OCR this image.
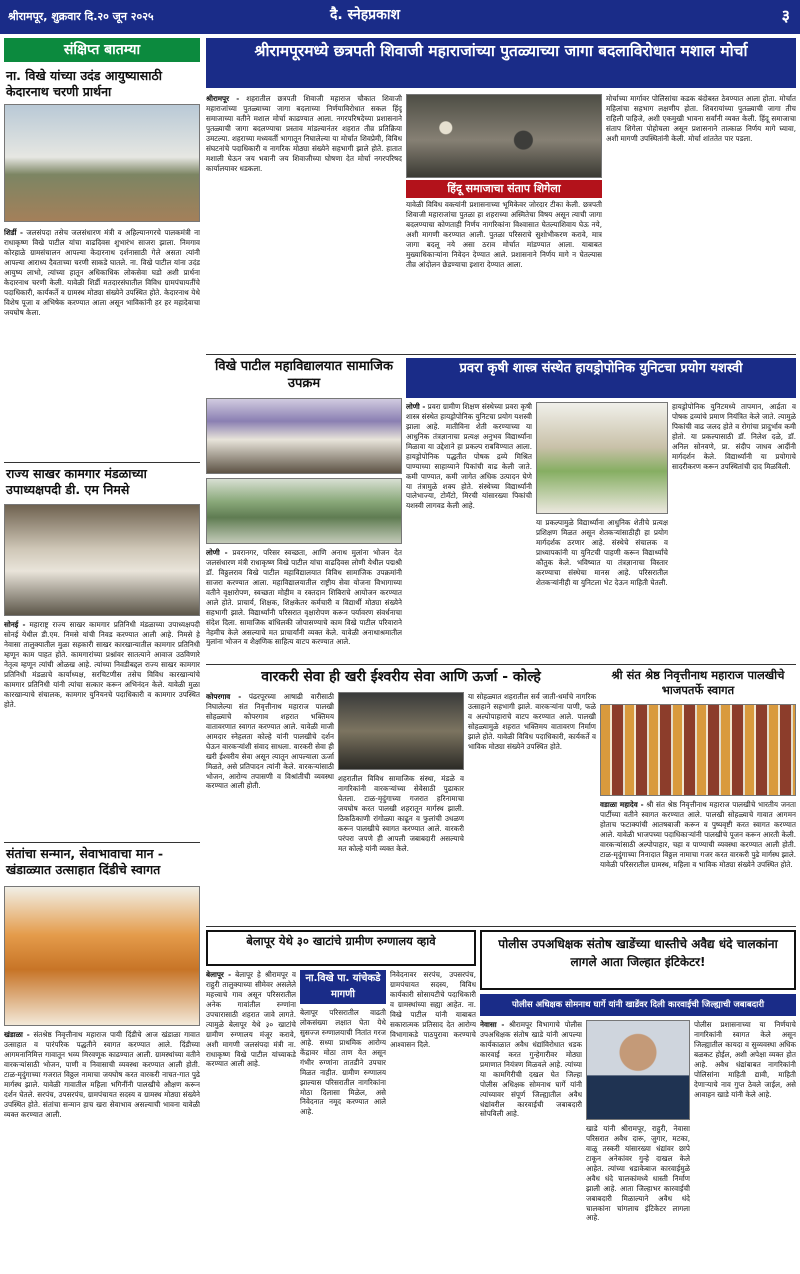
श्रीरामपूर, शुक्रवार दि.२० जून २०२५	दै. स्नेहप्रकाश	३
संक्षिप्त बातम्या
ना. विखे यांच्या उदंड आयुष्यासाठी केदारनाथ चरणी प्रार्थना

शिर्डी - जलसंपदा तसेच जलसंधारण मंत्री व अहिल्यानगरचे पालकमंत्री ना राधाकृष्ण विखे पाटील यांचा वाढदिवस शुभारंभ साजरा झाला. निमगाव कोरहाळे ग्रामसंचालन आपल्या केदारनाथ दर्शनासाठी गेले असता त्यांनी आपल्या आराध्य दैवताच्या चरणी साकडे घातले. ना. विखे पाटील यांना उदंड आयुष्य लाभो, त्यांच्या हातून अधिकाधिक लोकसेवा घडो अशी प्रार्थना केदारनाथ चरणी केली. यावेळी शिर्डी मतदारसंघातील विविध ग्रामपंचायतींचे पदाधिकारी, कार्यकर्ते व ग्रामस्थ मोठ्या संख्येने उपस्थित होते. केदारनाथ येथे विशेष पूजा व अभिषेक करण्यात आला असून भाविकांनी हर हर महादेवाचा जयघोष केला.

राज्य साखर कामगार मंडळाच्या उपाध्यक्षपदी डी. एम निमसे

सोनई - महाराष्ट्र राज्य साखर कामगार प्रतिनिधी मंडळाच्या उपाध्यक्षपदी सोनई येथील डी.एम. निमसे यांची निवड करण्यात आली आहे. निमसे हे नेवासा तालुक्यातील मुळा सहकारी साखर कारखान्यातील कामगार प्रतिनिधी म्हणून काम पाहत होते. कामगारांच्या प्रश्नांवर सातत्याने आवाज उठविणारे नेतृत्व म्हणून त्यांची ओळख आहे. त्यांच्या निवडीबद्दल राज्य साखर कामगार प्रतिनिधी मंडळाचे कार्याध्यक्ष, सरचिटणीस तसेच विविध कारखान्यांचे कामगार प्रतिनिधी यांनी त्यांचा सत्कार करून अभिनंदन केले. यावेळी मुळा कारखान्याचे संचालक, कामगार युनियनचे पदाधिकारी व कामगार उपस्थित होते.

संतांचा सन्मान, सेवाभावाचा मान - खंडाळ्यात उत्साहात दिंडीचे स्वागत

खंडाळा - संतश्रेष्ठ निवृत्तीनाथ महाराज पायी दिंडीचे आज खंडाळा गावात उत्साहात व पारंपरिक पद्धतीने स्वागत करण्यात आले. दिंडीच्या आगमनानिमित्त गावातून भव्य मिरवणूक काढण्यात आली. ग्रामस्थांच्या वतीने वारकऱ्यांसाठी भोजन, पाणी व निवासाची व्यवस्था करण्यात आली होती. टाळ-मृदुंगाच्या गजरात विठ्ठल नामाचा जयघोष करत वारकरी नाचत-गात पुढे मार्गस्थ झाले. यावेळी गावातील महिला भगिनींनी पालखीचे औक्षण करून दर्शन घेतले. सरपंच, उपसरपंच, ग्रामपंचायत सदस्य व ग्रामस्थ मोठ्या संख्येने उपस्थित होते. संतांचा सन्मान हाच खरा सेवाभाव असल्याची भावना यावेळी व्यक्त करण्यात आली.

श्रीरामपूरमध्ये छत्रपती शिवाजी महाराजांच्या पुतळ्याच्या जागा बदलाविरोधात मशाल मोर्चा

श्रीरामपूर - शहरातील छत्रपती शिवाजी महाराज चौकात शिवाजी महाराजांच्या पुतळ्याच्या जागा बदलाच्या निर्णयाविरोधात सकल हिंदू समाजाच्या वतीने मशाल मोर्चा काढण्यात आला. नगरपरिषदेच्या प्रशासनाने पुतळ्याची जागा बदलण्याचा प्रस्ताव मांडल्यानंतर शहरात तीव्र प्रतिक्रिया उमटल्या. शहराच्या मध्यवर्ती भागातून निघालेल्या या मोर्चात शिवप्रेमी, विविध संघटनांचे पदाधिकारी व नागरिक मोठ्या संख्येने सहभागी झाले होते. हातात मशाली घेऊन जय भवानी जय शिवाजीच्या घोषणा देत मोर्चा नगरपरिषद कार्यालयावर धडकला.

यावेळी विविध वक्त्यांनी प्रशासनाच्या भूमिकेवर जोरदार टीका केली. छत्रपती शिवाजी महाराजांचा पुतळा हा शहराच्या अस्मितेचा विषय असून त्याची जागा बदलण्याचा कोणताही निर्णय नागरिकांना विश्वासात घेतल्याशिवाय घेऊ नये, अशी मागणी करण्यात आली. पुतळा परिसराचे सुशोभीकरण करावे, मात्र जागा बदलू नये असा ठराव मोर्चात मांडण्यात आला. याबाबत मुख्याधिकाऱ्यांना निवेदन देण्यात आले. प्रशासनाने निर्णय मागे न घेतल्यास तीव्र आंदोलन छेडण्याचा इशारा देण्यात आला.

मोर्चाच्या मार्गावर पोलिसांचा कडक बंदोबस्त ठेवण्यात आला होता. मोर्चात महिलांचा सहभाग लक्षणीय होता. शिवरायांच्या पुतळ्याची जागा तीच राहिली पाहिजे, अशी एकमुखी भावना सर्वांनी व्यक्त केली. हिंदू समाजाचा संताप शिगेला पोहोचला असून प्रशासनाने तात्काळ निर्णय मागे घ्यावा, अशी मागणी उपस्थितांनी केली. मोर्चा शांततेत पार पडला.

हिंदू समाजाचा संताप शिगेला
विखे पाटील महाविद्यालयात सामाजिक उपक्रम

लोणी - प्रवरानगर, परिसर स्वच्छता, आणि अनाथ मुलांना भोजन देत जलसंधारण मंत्री राधाकृष्ण विखे पाटील यांचा वाढदिवस लोणी येथील पद्मश्री डॉ. विठ्ठलराव विखे पाटील महाविद्यालयात विविध सामाजिक उपक्रमांनी साजरा करण्यात आला. महाविद्यालयातील राष्ट्रीय सेवा योजना विभागाच्या वतीने वृक्षारोपण, स्वच्छता मोहीम व रक्तदान शिबिराचे आयोजन करण्यात आले होते. प्राचार्य, शिक्षक, शिक्षकेतर कर्मचारी व विद्यार्थी मोठ्या संख्येने सहभागी झाले. विद्यार्थ्यांनी परिसरात वृक्षारोपण करून पर्यावरण संवर्धनाचा संदेश दिला. सामाजिक बांधिलकी जोपासण्याचे काम विखे पाटील परिवाराने नेहमीच केले असल्याचे मत प्राचार्यांनी व्यक्त केले. यावेळी अनाथाश्रमातील मुलांना भोजन व शैक्षणिक साहित्य वाटप करण्यात आले.

प्रवरा कृषी शास्त्र संस्थेत हायड्रोपोनिक युनिटचा प्रयोग यशस्वी

लोणी - प्रवरा ग्रामीण शिक्षण संस्थेच्या प्रवरा कृषी शास्त्र संस्थेत हायड्रोपोनिक युनिटचा प्रयोग यशस्वी झाला आहे. मातीविना शेती करण्याच्या या आधुनिक तंत्रज्ञानाचा प्रत्यक्ष अनुभव विद्यार्थ्यांना मिळावा या उद्देशाने हा प्रकल्प राबविण्यात आला. हायड्रोपोनिक पद्धतीत पोषक द्रव्ये मिश्रित पाण्याच्या साहाय्याने पिकांची वाढ केली जाते. कमी पाण्यात, कमी जागेत अधिक उत्पादन घेणे या तंत्रामुळे शक्य होते. संस्थेच्या विद्यार्थ्यांनी पालेभाज्या, टोमॅटो, मिरची यांसारख्या पिकांची यशस्वी लागवड केली आहे.

या प्रकल्पामुळे विद्यार्थ्यांना आधुनिक शेतीचे प्रत्यक्ष प्रशिक्षण मिळत असून शेतकऱ्यांसाठीही हा प्रयोग मार्गदर्शक ठरणार आहे. संस्थेचे संचालक व प्राध्यापकांनी या युनिटची पाहणी करून विद्यार्थ्यांचे कौतुक केले. भविष्यात या तंत्रज्ञानाचा विस्तार करण्याचा संस्थेचा मानस आहे. परिसरातील शेतकऱ्यांनीही या युनिटला भेट देऊन माहिती घेतली.

हायड्रोपोनिक युनिटमध्ये तापमान, आर्द्रता व पोषक द्रव्यांचे प्रमाण नियंत्रित केले जाते. त्यामुळे पिकांची वाढ जलद होते व रोगांचा प्रादुर्भाव कमी होतो. या प्रकल्पासाठी डॉ. निलेश दळे, डॉ. अनिल सोनवणे, प्रा. संदीप जाधव आदींनी मार्गदर्शन केले. विद्यार्थ्यांनी या प्रयोगाचे सादरीकरण करून उपस्थितांची दाद मिळविली.

वारकरी सेवा ही खरी ईश्वरीय सेवा आणि ऊर्जा - कोल्हे

कोपरगाव - पंढरपूरच्या आषाढी वारीसाठी निघालेल्या संत निवृत्तीनाथ महाराज पालखी सोहळ्याचे कोपरगाव शहरात भक्तिमय वातावरणात स्वागत करण्यात आले. यावेळी माजी आमदार स्नेहलता कोल्हे यांनी पालखीचे दर्शन घेऊन वारकऱ्यांशी संवाद साधला. वारकरी सेवा ही खरी ईश्वरीय सेवा असून त्यातून आपल्याला ऊर्जा मिळते, असे प्रतिपादन त्यांनी केले. वारकऱ्यांसाठी भोजन, आरोग्य तपासणी व विश्रांतीची व्यवस्था करण्यात आली होती.

शहरातील विविध सामाजिक संस्था, मंडळे व नागरिकांनी वारकऱ्यांच्या सेवेसाठी पुढाकार घेतला. टाळ-मृदुंगाच्या गजरात हरिनामाचा जयघोष करत पालखी शहरातून मार्गस्थ झाली. ठिकठिकाणी रांगोळ्या काढून व फुलांची उधळण करून पालखीचे स्वागत करण्यात आले. वारकरी परंपरा जपणे ही आपली जबाबदारी असल्याचे मत कोल्हे यांनी व्यक्त केले.

या सोहळ्यात शहरातील सर्व जाती-धर्माचे नागरिक उत्साहाने सहभागी झाले. वारकऱ्यांना पाणी, फळे व अल्पोपाहाराचे वाटप करण्यात आले. पालखी सोहळ्यामुळे शहरात भक्तिमय वातावरण निर्माण झाले होते. यावेळी विविध पदाधिकारी, कार्यकर्ते व भाविक मोठ्या संख्येने उपस्थित होते.

श्री संत श्रेष्ठ निवृत्तीनाथ महाराज पालखीचे भाजपतर्फे स्वागत

वडाळा महादेव - श्री संत श्रेष्ठ निवृत्तीनाथ महाराज पालखीचे भारतीय जनता पार्टीच्या वतीने स्वागत करण्यात आले. पालखी सोहळ्याचे गावात आगमन होताच फटाक्यांची आतषबाजी करून व पुष्पवृष्टी करत स्वागत करण्यात आले. यावेळी भाजपच्या पदाधिकाऱ्यांनी पालखीचे पूजन करून आरती केली. वारकऱ्यांसाठी अल्पोपाहार, चहा व पाण्याची व्यवस्था करण्यात आली होती. टाळ-मृदुंगाच्या निनादात विठ्ठल नामाचा गजर करत वारकरी पुढे मार्गस्थ झाले. यावेळी परिसरातील ग्रामस्थ, महिला व भाविक मोठ्या संख्येने उपस्थित होते.

बेलापूर येथे ३० खाटांचे ग्रामीण रुग्णालय व्हावे

बेलापूर - बेलापूर हे श्रीरामपूर व राहुरी तालुक्याच्या सीमेवर असलेले महत्त्वाचे गाव असून परिसरातील अनेक गावांतील रुग्णांना उपचारासाठी शहरात जावे लागते. त्यामुळे बेलापूर येथे ३० खाटांचे ग्रामीण रुग्णालय मंजूर करावे, अशी मागणी जलसंपदा मंत्री ना. राधाकृष्ण विखे पाटील यांच्याकडे करण्यात आली आहे.

ना.विखे पा. यांचेकडे मागणी

बेलापूर परिसरातील वाढती लोकसंख्या लक्षात घेता येथे सुसज्ज रुग्णालयाची नितांत गरज आहे. सध्या प्राथमिक आरोग्य केंद्रावर मोठा ताण येत असून गंभीर रुग्णांना तातडीने उपचार मिळत नाहीत. ग्रामीण रुग्णालय झाल्यास परिसरातील नागरिकांना मोठा दिलासा मिळेल, असे निवेदनात नमूद करण्यात आले आहे.

निवेदनावर सरपंच, उपसरपंच, ग्रामपंचायत सदस्य, विविध कार्यकारी सोसायटीचे पदाधिकारी व ग्रामस्थांच्या सह्या आहेत. ना. विखे पाटील यांनी याबाबत सकारात्मक प्रतिसाद देत आरोग्य विभागाकडे पाठपुरावा करण्याचे आश्वासन दिले.

पोलीस उपअधिक्षक संतोष खाडेंच्या धास्तीचे अवैद्य धंदे चालकांना लागले आता जिल्हात इंटिकेटर!
पोलीस अधिक्षक सोमनाथ घार्गे यांनी खाडेंवर दिली कारवाईची जिल्ह्याची जबाबदारी

नेवासा - श्रीरामपूर विभागाचे पोलीस उपअधिक्षक संतोष खाडे यांनी आपल्या कार्यकाळात अवैध धंद्यांविरोधात धडक कारवाई करत गुन्हेगारीवर मोठ्या प्रमाणात नियंत्रण मिळवले आहे. त्यांच्या या कामगिरीची दखल घेत जिल्हा पोलीस अधिक्षक सोमनाथ घार्गे यांनी त्यांच्यावर संपूर्ण जिल्ह्यातील अवैध धंद्यांवरील कारवाईची जबाबदारी सोपविली आहे.

खाडे यांनी श्रीरामपूर, राहुरी, नेवासा परिसरात अवैध दारू, जुगार, मटका, वाळू तस्करी यांसारख्या धंद्यांवर छापे टाकून अनेकांवर गुन्हे दाखल केले आहेत. त्यांच्या धडाकेबाज कारवाईमुळे अवैध धंदे चालकांमध्ये धास्ती निर्माण झाली आहे. आता जिल्हाभर कारवाईची जबाबदारी मिळाल्याने अवैध धंदे चालकांना चांगलाच इंटिकेटर लागला आहे.

पोलीस प्रशासनाच्या या निर्णयाचे नागरिकांनी स्वागत केले असून जिल्ह्यातील कायदा व सुव्यवस्था अधिक बळकट होईल, अशी अपेक्षा व्यक्त होत आहे. अवैध धंद्यांबाबत नागरिकांनी पोलिसांना माहिती द्यावी, माहिती देणाऱ्याचे नाव गुप्त ठेवले जाईल, असे आवाहन खाडे यांनी केले आहे.
